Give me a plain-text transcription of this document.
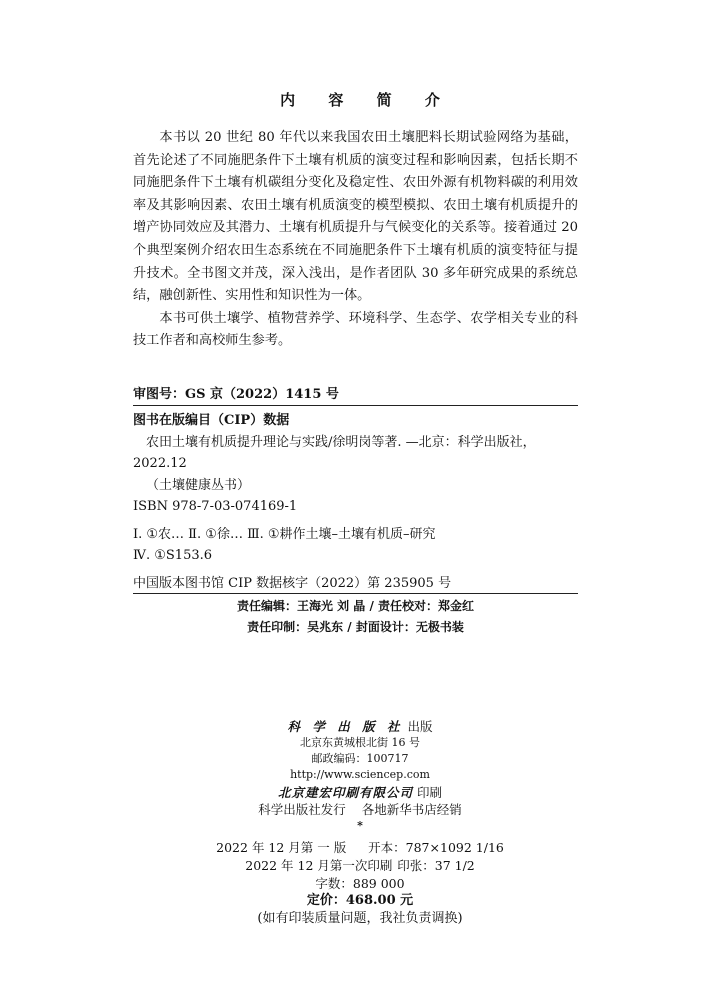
内 容 简 介

本书以 20 世纪 80 年代以来我国农田土壤肥料长期试验网络为基础，首先论述了不同施肥条件下土壤有机质的演变过程和影响因素，包括长期不同施肥条件下土壤有机碳组分变化及稳定性、农田外源有机物料碳的利用效率及其影响因素、农田土壤有机质演变的模型模拟、农田土壤有机质提升的增产协同效应及其潜力、土壤有机质提升与气候变化的关系等。接着通过 20 个典型案例介绍农田生态系统在不同施肥条件下土壤有机质的演变特征与提升技术。全书图文并茂，深入浅出，是作者团队 30 多年研究成果的系统总结，融创新性、实用性和知识性为一体。

本书可供土壤学、植物营养学、环境科学、生态学、农学相关专业的科技工作者和高校师生参考。

审图号：GS 京（2022）1415 号
图书在版编目（CIP）数据
农田土壤有机质提升理论与实践/徐明岗等著. —北京：科学出版社，
2022.12
（土壤健康丛书）
ISBN 978-7-03-074169-1
Ⅰ. ①农… Ⅱ. ①徐… Ⅲ. ①耕作土壤–土壤有机质–研究
Ⅳ. ①S153.6
中国版本图书馆 CIP 数据核字（2022）第 235905 号
责任编辑：王海光 刘 晶 / 责任校对：郑金红
责任印制：吴兆东 / 封面设计：无极书装
科 学 出 版 社 出版
北京东黄城根北街 16 号
邮政编码：100717
http://www.sciencep.com
北京建宏印刷有限公司 印刷
科学出版社发行    各地新华书店经销
*
2022 年 12 月第 一 版 开本：787×1092 1/16
2022 年 12 月第一次印刷 印张：37 1/2
字数：889 000
定价：468.00 元
(如有印装质量问题，我社负责调换)
